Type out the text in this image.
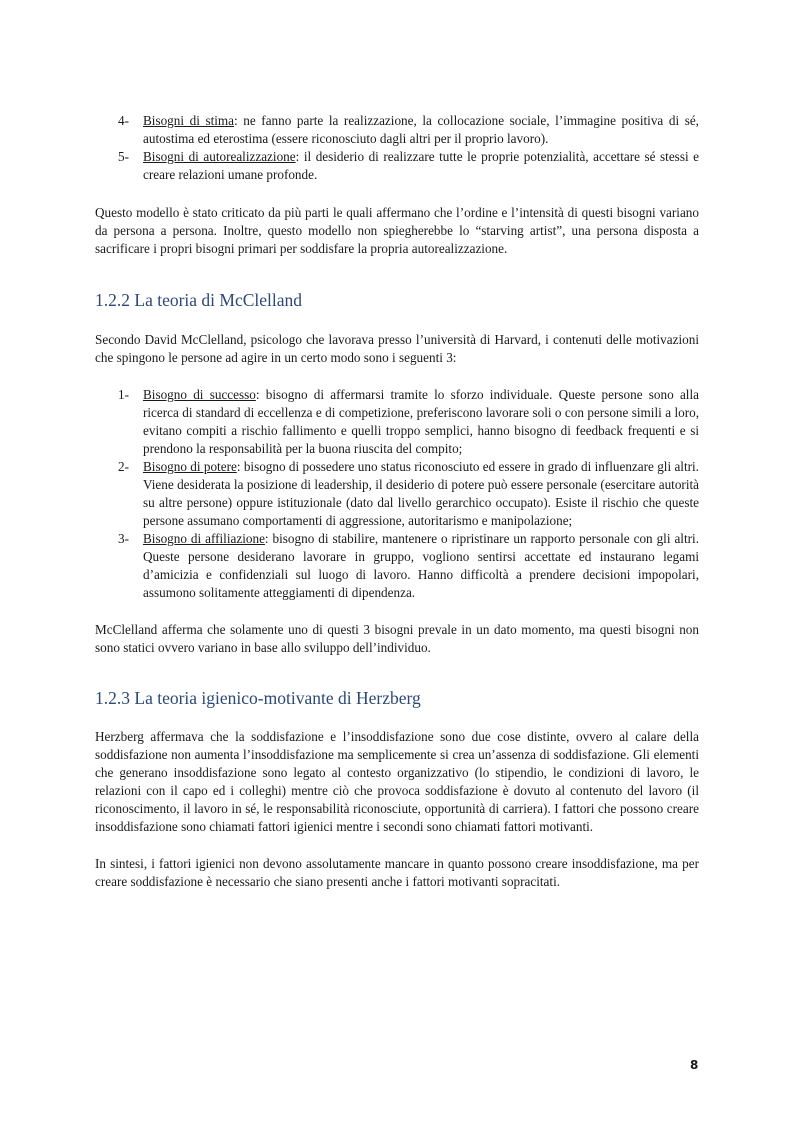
4- Bisogni di stima: ne fanno parte la realizzazione, la collocazione sociale, l’immagine positiva di sé, autostima ed eterostima (essere riconosciuto dagli altri per il proprio lavoro).
5- Bisogni di autorealizzazione: il desiderio di realizzare tutte le proprie potenzialità, accettare sé stessi e creare relazioni umane profonde.

Questo modello è stato criticato da più parti le quali affermano che l’ordine e l’intensità di questi bisogni variano da persona a persona. Inoltre, questo modello non spiegherebbe lo “starving artist”, una persona disposta a sacrificare i propri bisogni primari per soddisfare la propria autorealizzazione.

1.2.2 La teoria di McClelland

Secondo David McClelland, psicologo che lavorava presso l’università di Harvard, i contenuti delle motivazioni che spingono le persone ad agire in un certo modo sono i seguenti 3:

1- Bisogno di successo: bisogno di affermarsi tramite lo sforzo individuale. Queste persone sono alla ricerca di standard di eccellenza e di competizione, preferiscono lavorare soli o con persone simili a loro, evitano compiti a rischio fallimento e quelli troppo semplici, hanno bisogno di feedback frequenti e si prendono la responsabilità per la buona riuscita del compito;
2- Bisogno di potere: bisogno di possedere uno status riconosciuto ed essere in grado di influenzare gli altri. Viene desiderata la posizione di leadership, il desiderio di potere può essere personale (esercitare autorità su altre persone) oppure istituzionale (dato dal livello gerarchico occupato). Esiste il rischio che queste persone assumano comportamenti di aggressione, autoritarismo e manipolazione;
3- Bisogno di affiliazione: bisogno di stabilire, mantenere o ripristinare un rapporto personale con gli altri. Queste persone desiderano lavorare in gruppo, vogliono sentirsi accettate ed instaurano legami d’amicizia e confidenziali sul luogo di lavoro. Hanno difficoltà a prendere decisioni impopolari, assumono solitamente atteggiamenti di dipendenza.

McClelland afferma che solamente uno di questi 3 bisogni prevale in un dato momento, ma questi bisogni non sono statici ovvero variano in base allo sviluppo dell’individuo.

1.2.3 La teoria igienico-motivante di Herzberg

Herzberg affermava che la soddisfazione e l’insoddisfazione sono due cose distinte, ovvero al calare della soddisfazione non aumenta l’insoddisfazione ma semplicemente si crea un’assenza di soddisfazione. Gli elementi che generano insoddisfazione sono legato al contesto organizzativo (lo stipendio, le condizioni di lavoro, le relazioni con il capo ed i colleghi) mentre ciò che provoca soddisfazione è dovuto al contenuto del lavoro (il riconoscimento, il lavoro in sé, le responsabilità riconosciute, opportunità di carriera). I fattori che possono creare insoddisfazione sono chiamati fattori igienici mentre i secondi sono chiamati fattori motivanti.

In sintesi, i fattori igienici non devono assolutamente mancare in quanto possono creare insoddisfazione, ma per creare soddisfazione è necessario che siano presenti anche i fattori motivanti sopracitati.

8
